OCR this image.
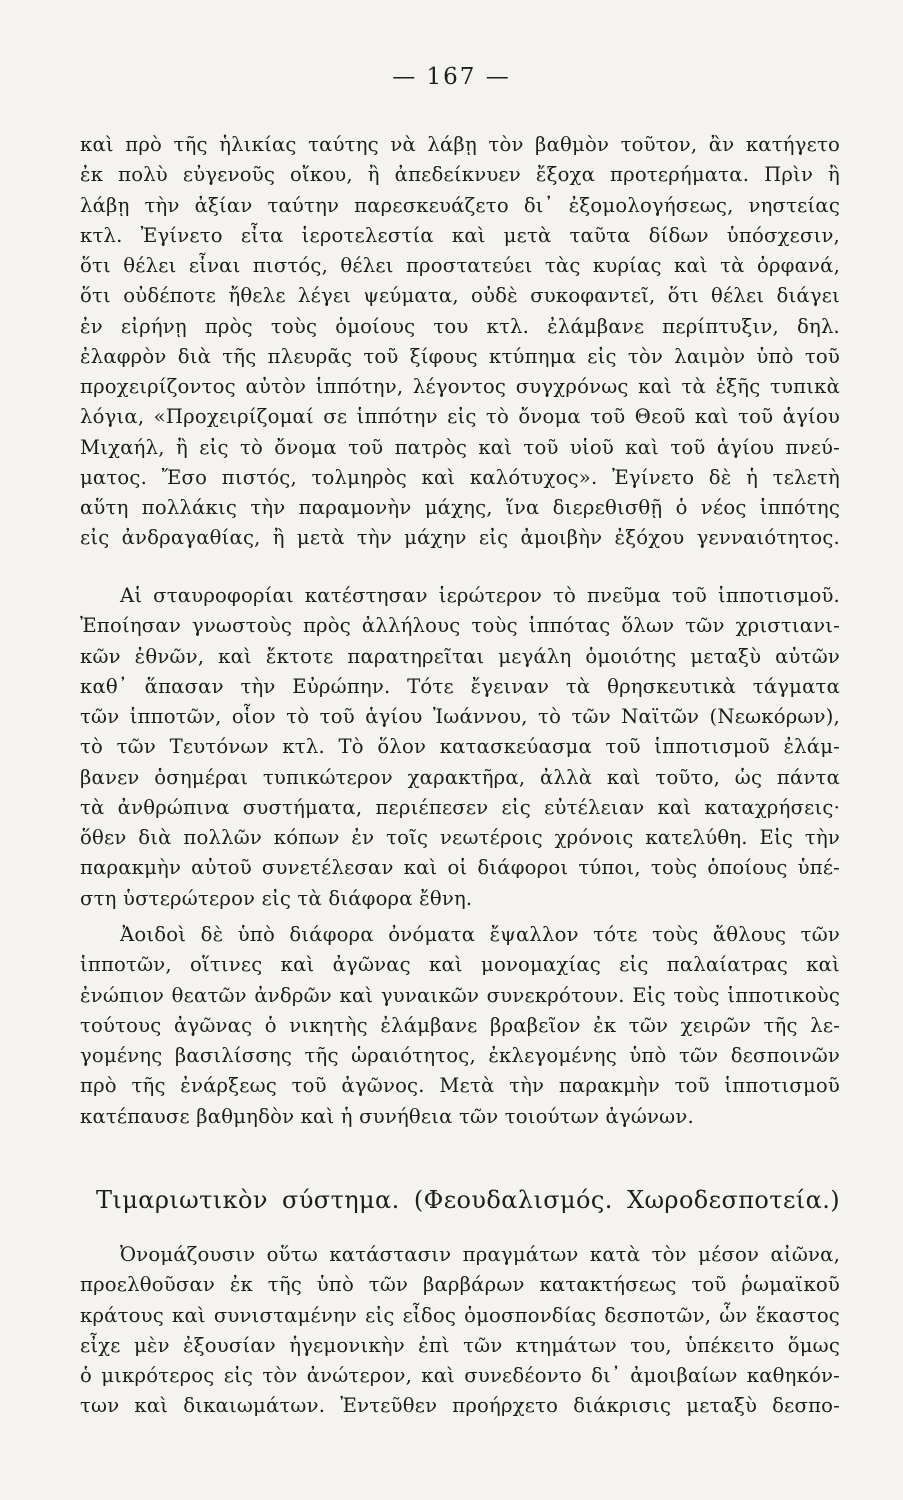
— 167 —
καὶ πρὸ τῆς ἡλικίας ταύτης νὰ λάβῃ τὸν βαθμὸν τοῦτον, ἂν κατήγετο
ἐκ πολὺ εὐγενοῦς οἴκου, ἢ ἀπεδείκνυεν ἔξοχα προτερήματα. Πρὶν ἢ
λάβῃ τὴν ἀξίαν ταύτην παρεσκευάζετο δι᾽ ἐξομολογήσεως, νηστείας
κτλ. Ἐγίνετο εἶτα ἱεροτελεστία καὶ μετὰ ταῦτα δίδων ὑπόσχεσιν,
ὅτι θέλει εἶναι πιστός, θέλει προστατεύει τὰς κυρίας καὶ τὰ ὀρφανά,
ὅτι οὐδέποτε ἤθελε λέγει ψεύματα, οὐδὲ συκοφαντεῖ, ὅτι θέλει διάγει
ἐν εἰρήνῃ πρὸς τοὺς ὁμοίους του κτλ. ἐλάμβανε περίπτυξιν, δηλ.
ἐλαφρὸν διὰ τῆς πλευρᾶς τοῦ ξίφους κτύπημα εἰς τὸν λαιμὸν ὑπὸ τοῦ
προχειρίζοντος αὐτὸν ἱππότην, λέγοντος συγχρόνως καὶ τὰ ἑξῆς τυπικὰ
λόγια, «Προχειρίζομαί σε ἱππότην εἰς τὸ ὄνομα τοῦ Θεοῦ καὶ τοῦ ἁγίου
Μιχαήλ, ἢ εἰς τὸ ὄνομα τοῦ πατρὸς καὶ τοῦ υἱοῦ καὶ τοῦ ἁγίου πνεύ-
ματος. Ἔσο πιστός, τολμηρὸς καὶ καλότυχος». Ἐγίνετο δὲ ἡ τελετὴ
αὕτη πολλάκις τὴν παραμονὴν μάχης, ἵνα διερεθισθῇ ὁ νέος ἱππότης
εἰς ἀνδραγαθίας, ἢ μετὰ τὴν μάχην εἰς ἀμοιβὴν ἐξόχου γενναιότητος.
Αἱ σταυροφορίαι κατέστησαν ἱερώτερον τὸ πνεῦμα τοῦ ἱπποτισμοῦ.
Ἐποίησαν γνωστοὺς πρὸς ἀλλήλους τοὺς ἱππότας ὅλων τῶν χριστιανι-
κῶν ἐθνῶν, καὶ ἔκτοτε παρατηρεῖται μεγάλη ὁμοιότης μεταξὺ αὐτῶν
καθ᾽ ἅπασαν τὴν Εὐρώπην. Τότε ἔγειναν τὰ θρησκευτικὰ τάγματα
τῶν ἱπποτῶν, οἷον τὸ τοῦ ἁγίου Ἰωάννου, τὸ τῶν Ναϊτῶν (Νεωκόρων),
τὸ τῶν Τευτόνων κτλ. Τὸ ὅλον κατασκεύασμα τοῦ ἱπποτισμοῦ ἐλάμ-
βανεν ὁσημέραι τυπικώτερον χαρακτῆρα, ἀλλὰ καὶ τοῦτο, ὡς πάντα
τὰ ἀνθρώπινα συστήματα, περιέπεσεν εἰς εὐτέλειαν καὶ καταχρήσεις·
ὅθεν διὰ πολλῶν κόπων ἐν τοῖς νεωτέροις χρόνοις κατελύθη. Εἰς τὴν
παρακμὴν αὐτοῦ συνετέλεσαν καὶ οἱ διάφοροι τύποι, τοὺς ὁποίους ὑπέ-
στη ὑστερώτερον εἰς τὰ διάφορα ἔθνη.
Ἀοιδοὶ δὲ ὑπὸ διάφορα ὀνόματα ἔψαλλον τότε τοὺς ἄθλους τῶν
ἱπποτῶν, οἵτινες καὶ ἀγῶνας καὶ μονομαχίας εἰς παλαίατρας καὶ
ἐνώπιον θεατῶν ἀνδρῶν καὶ γυναικῶν συνεκρότουν. Εἰς τοὺς ἱπποτικοὺς
τούτους ἀγῶνας ὁ νικητὴς ἐλάμβανε βραβεῖον ἐκ τῶν χειρῶν τῆς λε-
γομένης βασιλίσσης τῆς ὡραιότητος, ἐκλεγομένης ὑπὸ τῶν δεσποινῶν
πρὸ τῆς ἐνάρξεως τοῦ ἀγῶνος. Μετὰ τὴν παρακμὴν τοῦ ἱπποτισμοῦ
κατέπαυσε βαθμηδὸν καὶ ἡ συνήθεια τῶν τοιούτων ἀγώνων.
Τιμαριωτικὸν σύστημα. (Φεουδαλισμός. Χωροδεσποτεία.)
Ὀνομάζουσιν οὕτω κατάστασιν πραγμάτων κατὰ τὸν μέσον αἰῶνα,
προελθοῦσαν ἐκ τῆς ὑπὸ τῶν βαρβάρων κατακτήσεως τοῦ ῥωμαϊκοῦ
κράτους καὶ συνισταμένην εἰς εἶδος ὁμοσπονδίας δεσποτῶν, ὧν ἕκαστος
εἶχε μὲν ἐξουσίαν ἡγεμονικὴν ἐπὶ τῶν κτημάτων του, ὑπέκειτο ὅμως
ὁ μικρότερος εἰς τὸν ἀνώτερον, καὶ συνεδέοντο δι᾽ ἀμοιβαίων καθηκόν-
των καὶ δικαιωμάτων. Ἐντεῦθεν προήρχετο διάκρισις μεταξὺ δεσπο-
